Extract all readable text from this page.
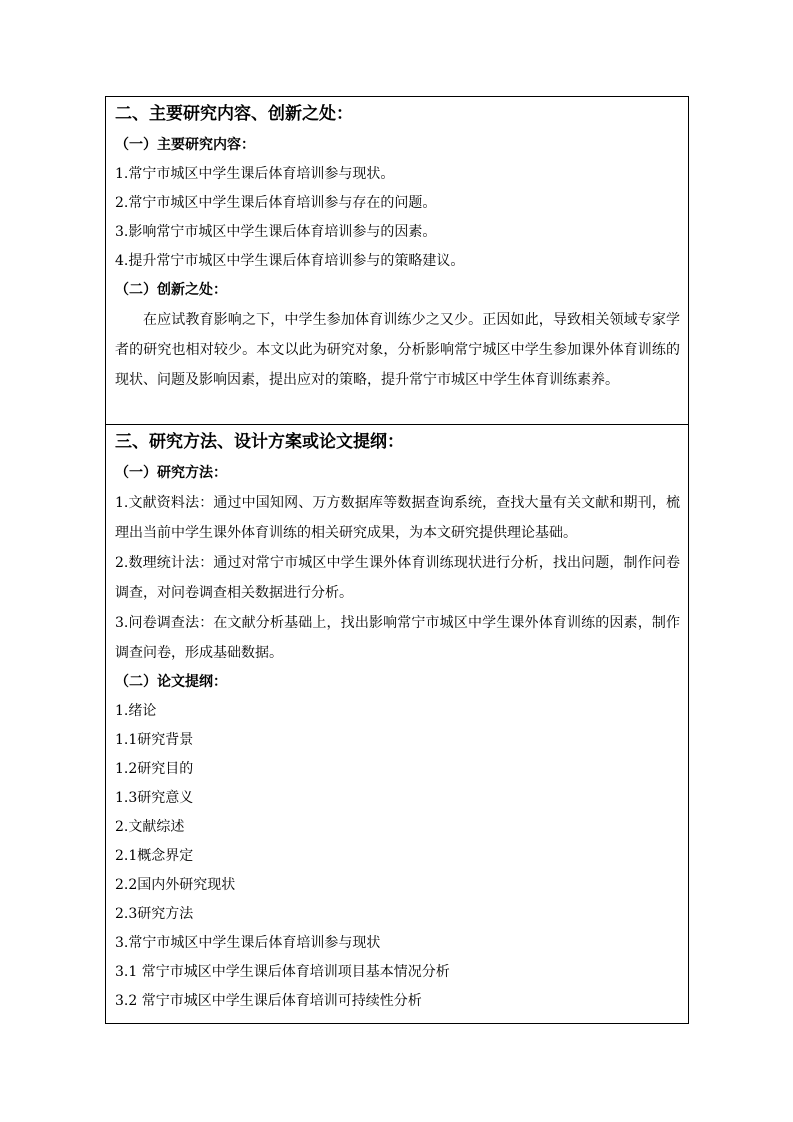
二、主要研究内容、创新之处：
（一）主要研究内容：
1.常宁市城区中学生课后体育培训参与现状。
2.常宁市城区中学生课后体育培训参与存在的问题。
3.影响常宁市城区中学生课后体育培训参与的因素。
4.提升常宁市城区中学生课后体育培训参与的策略建议。
（二）创新之处：

在应试教育影响之下，中学生参加体育训练少之又少。正因如此，导致相关领域专家学者的研究也相对较少。本文以此为研究对象，分析影响常宁城区中学生参加课外体育训练的现状、问题及影响因素，提出应对的策略，提升常宁市城区中学生体育训练素养。

三、研究方法、设计方案或论文提纲：
（一）研究方法：

1.文献资料法：通过中国知网、万方数据库等数据查询系统，查找大量有关文献和期刊，梳理出当前中学生课外体育训练的相关研究成果，为本文研究提供理论基础。

2.数理统计法：通过对常宁市城区中学生课外体育训练现状进行分析，找出问题，制作问卷调查，对问卷调查相关数据进行分析。

3.问卷调查法：在文献分析基础上，找出影响常宁市城区中学生课外体育训练的因素，制作调查问卷，形成基础数据。

（二）论文提纲：
1.绪论
1.1研究背景
1.2研究目的
1.3研究意义
2.文献综述
2.1概念界定
2.2国内外研究现状
2.3研究方法
3.常宁市城区中学生课后体育培训参与现状
3.1 常宁市城区中学生课后体育培训项目基本情况分析
3.2 常宁市城区中学生课后体育培训可持续性分析
